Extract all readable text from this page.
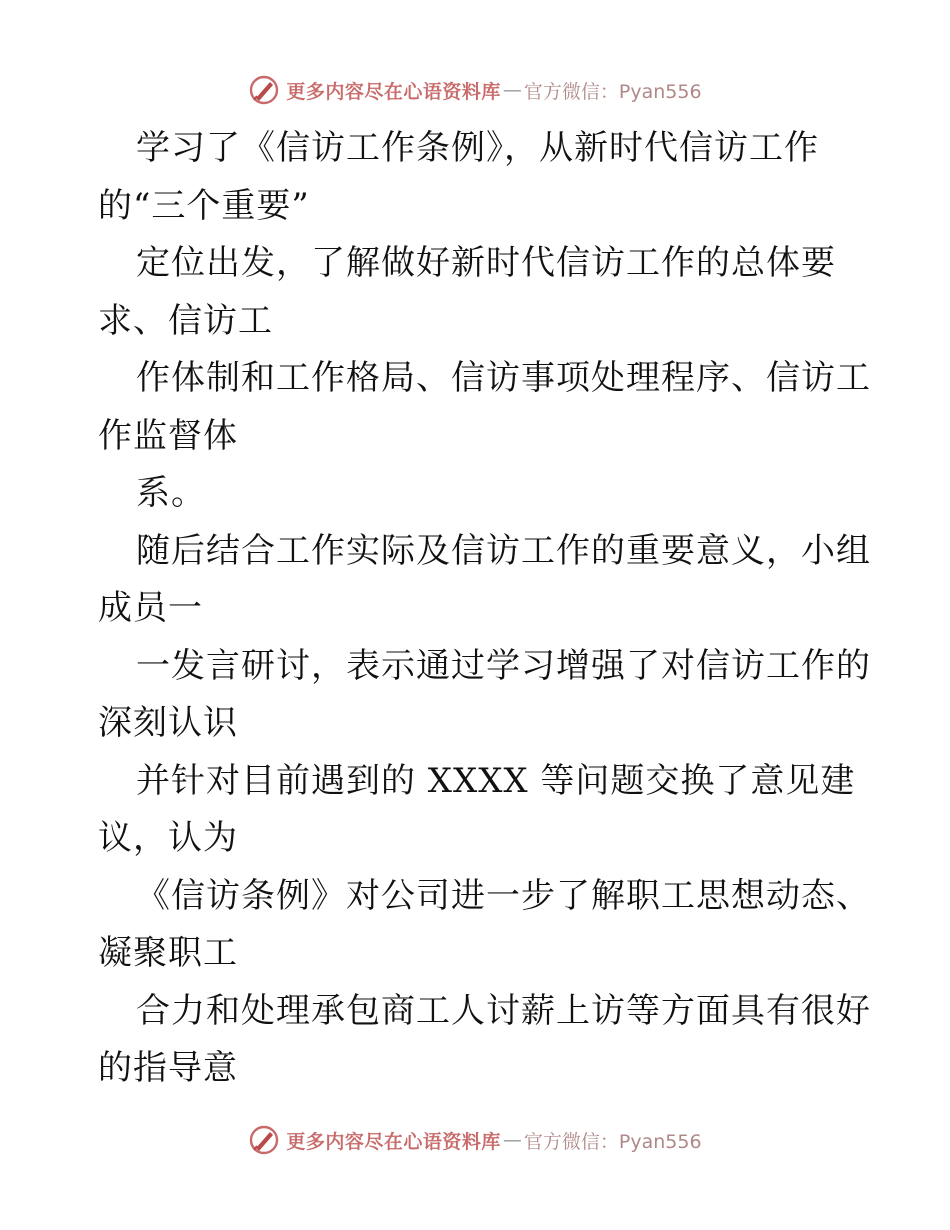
更多内容尽在心语资料库 — 官方微信：Pyan556
学习了《信访工作条例》，从新时代信访工作
的“三个重要”
定位出发，了解做好新时代信访工作的总体要
求、信访工
作体制和工作格局、信访事项处理程序、信访工
作监督体
系。
随后结合工作实际及信访工作的重要意义，小组
成员一
一发言研讨，表示通过学习增强了对信访工作的
深刻认识
并针对目前遇到的 XXXX 等问题交换了意见建
议，认为
《信访条例》对公司进一步了解职工思想动态、
凝聚职工
合力和处理承包商工人讨薪上访等方面具有很好
的指导意
更多内容尽在心语资料库 — 官方微信：Pyan556
